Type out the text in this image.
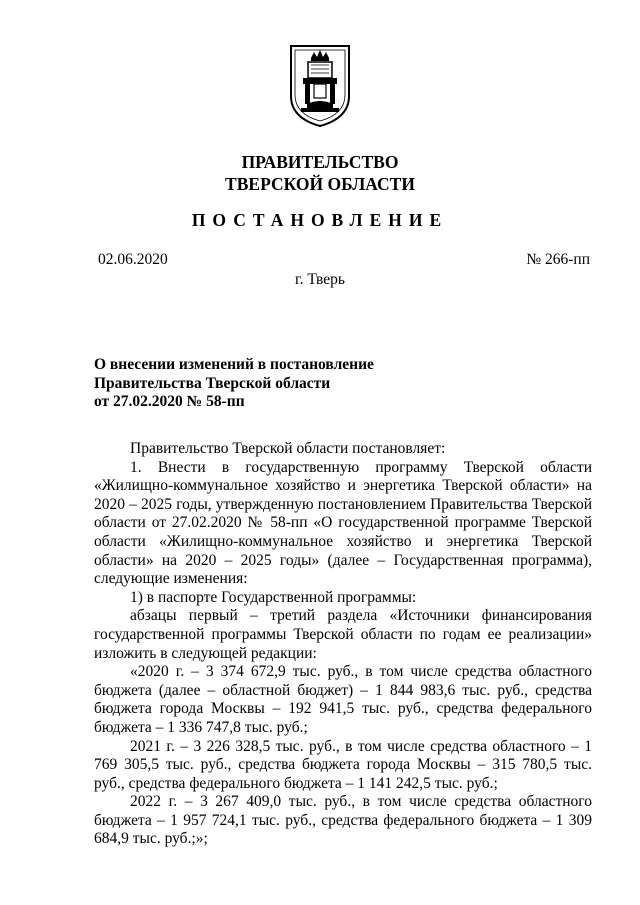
ПРАВИТЕЛЬСТВО
ТВЕРСКОЙ ОБЛАСТИ
ПОСТАНОВЛЕНИЕ
02.06.2020	№ 266-пп
г. Тверь
О внесении изменений в постановление
Правительства Тверской области
от 27.02.2020 № 58-пп

Правительство Тверской области постановляет:

1. Внести в государственную программу Тверской области «Жилищно-коммунальное хозяйство и энергетика Тверской области» на 2020 – 2025 годы, утвержденную постановлением Правительства Тверской области от 27.02.2020 № 58-пп «О государственной программе Тверской области «Жилищно-коммунальное хозяйство и энергетика Тверской области» на 2020 – 2025 годы» (далее – Государственная программа), следующие изменения:

1) в паспорте Государственной программы:

абзацы первый – третий раздела «Источники финансирования государственной программы Тверской области по годам ее реализации» изложить в следующей редакции:

«2020 г. – 3 374 672,9 тыс. руб., в том числе средства областного бюджета (далее – областной бюджет) – 1 844 983,6 тыс. руб., средства бюджета города Москвы – 192 941,5 тыс. руб., средства федерального бюджета – 1 336 747,8 тыс. руб.;

2021 г. – 3 226 328,5 тыс. руб., в том числе средства областного – 1 769 305,5 тыс. руб., средства бюджета города Москвы – 315 780,5 тыс. руб., средства федерального бюджета – 1 141 242,5 тыс. руб.;

2022 г. – 3 267 409,0 тыс. руб., в том числе средства областного бюджета – 1 957 724,1 тыс. руб., средства федерального бюджета – 1 309 684,9 тыс. руб.;»;
